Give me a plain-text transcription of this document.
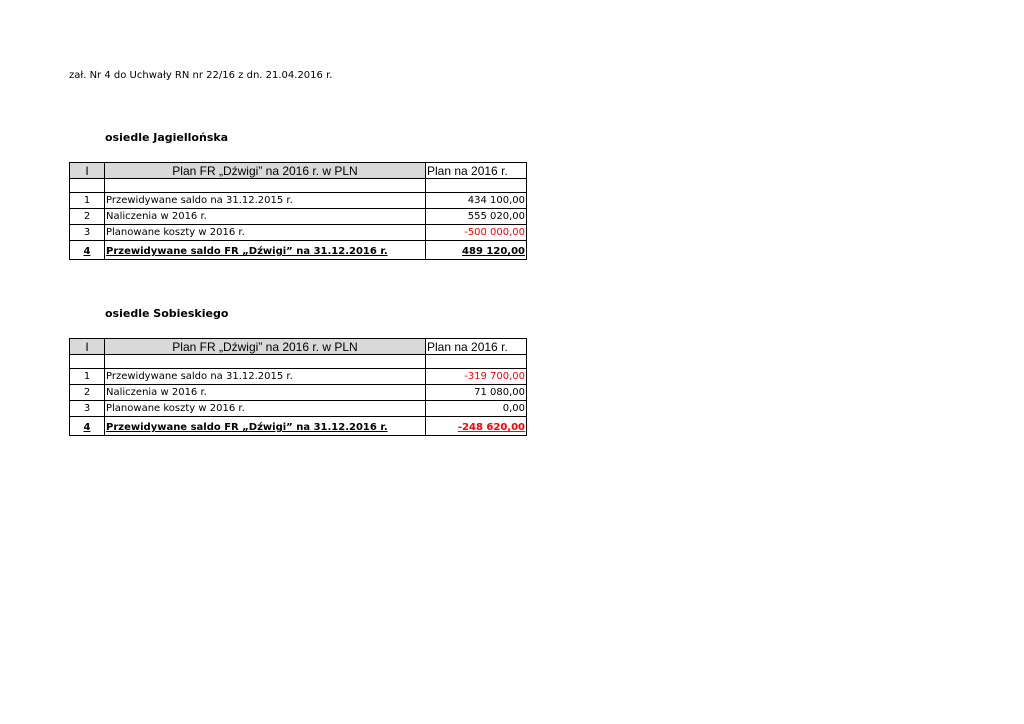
zał. Nr 4 do Uchwały RN nr 22/16 z dn. 21.04.2016 r.
osiedle Jagiellońska
I	Plan FR „Dźwigi” na 2016 r. w PLN	Plan na 2016 r.

1	Przewidywane saldo na 31.12.2015 r.	434 100,00
2	Naliczenia w 2016 r.	555 020,00
3	Planowane koszty w 2016 r.	-500 000,00
4	Przewidywane saldo FR „Dźwigi” na 31.12.2016 r.	489 120,00
osiedle Sobieskiego
I	Plan FR „Dźwigi” na 2016 r. w PLN	Plan na 2016 r.

1	Przewidywane saldo na 31.12.2015 r.	-319 700,00
2	Naliczenia w 2016 r.	71 080,00
3	Planowane koszty w 2016 r.	0,00
4	Przewidywane saldo FR „Dźwigi” na 31.12.2016 r.	-248 620,00
